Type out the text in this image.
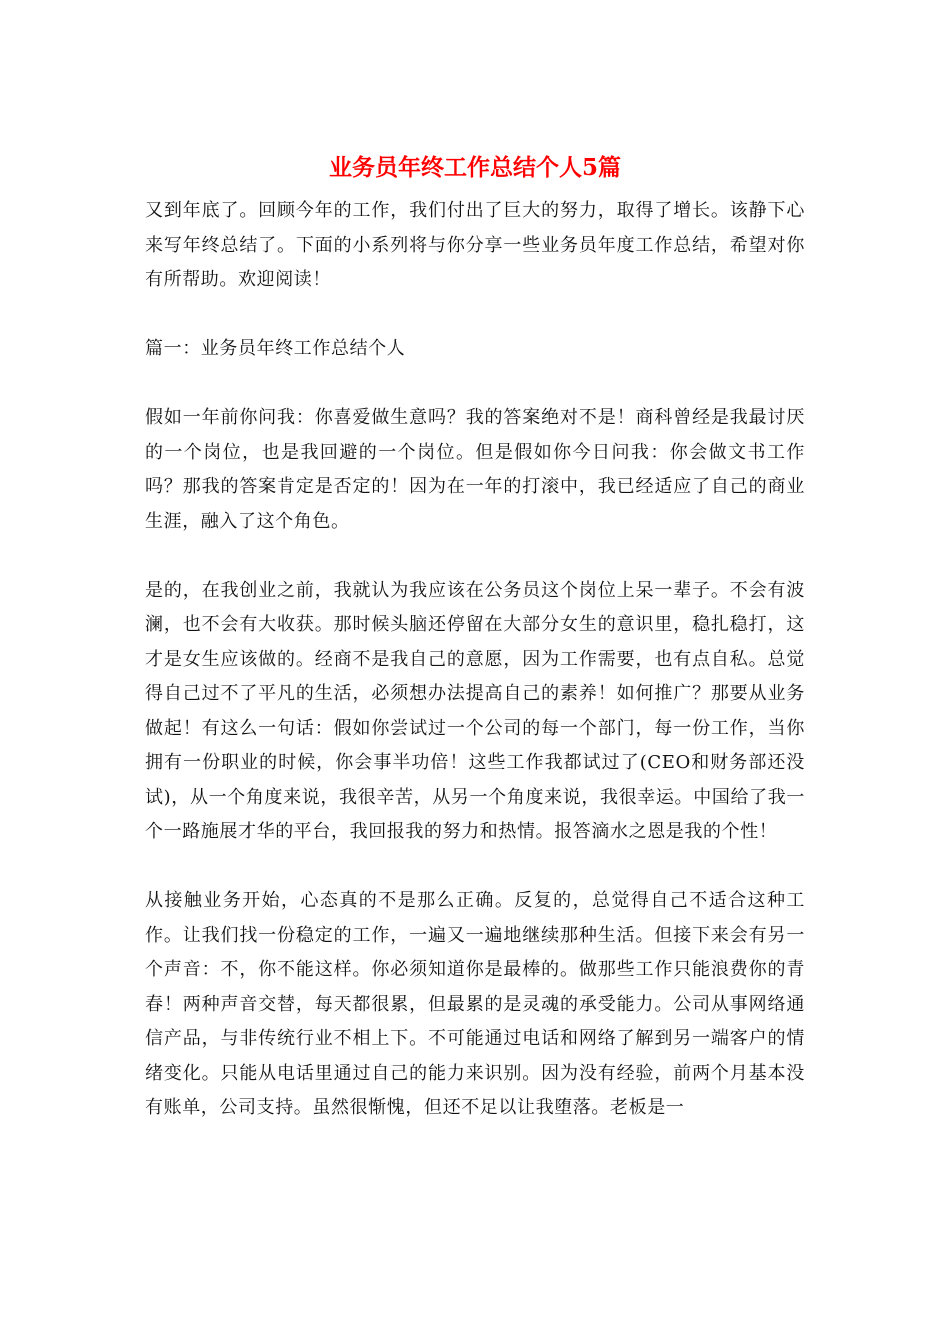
业务员年终工作总结个人5篇

又到年底了。回顾今年的工作，我们付出了巨大的努力，取得了增长。该静下心来写年终总结了。下面的小系列将与你分享一些业务员年度工作总结，希望对你有所帮助。欢迎阅读！

篇一：业务员年终工作总结个人

假如一年前你问我：你喜爱做生意吗？我的答案绝对不是！商科曾经是我最讨厌的一个岗位，也是我回避的一个岗位。但是假如你今日问我：你会做文书工作吗？那我的答案肯定是否定的！因为在一年的打滚中，我已经适应了自己的商业生涯，融入了这个角色。

是的，在我创业之前，我就认为我应该在公务员这个岗位上呆一辈子。不会有波澜，也不会有大收获。那时候头脑还停留在大部分女生的意识里，稳扎稳打，这才是女生应该做的。经商不是我自己的意愿，因为工作需要，也有点自私。总觉得自己过不了平凡的生活，必须想办法提高自己的素养！如何推广？那要从业务做起！有这么一句话：假如你尝试过一个公司的每一个部门，每一份工作，当你拥有一份职业的时候，你会事半功倍！这些工作我都试过了(CEO和财务部还没试)，从一个角度来说，我很辛苦，从另一个角度来说，我很幸运。中国给了我一个一路施展才华的平台，我回报我的努力和热情。报答滴水之恩是我的个性！

从接触业务开始，心态真的不是那么正确。反复的，总觉得自己不适合这种工作。让我们找一份稳定的工作，一遍又一遍地继续那种生活。但接下来会有另一个声音：不，你不能这样。你必须知道你是最棒的。做那些工作只能浪费你的青春！两种声音交替，每天都很累，但最累的是灵魂的承受能力。公司从事网络通信产品，与非传统行业不相上下。不可能通过电话和网络了解到另一端客户的情绪变化。只能从电话里通过自己的能力来识别。因为没有经验，前两个月基本没有账单，公司支持。虽然很惭愧，但还不足以让我堕落。老板是一
